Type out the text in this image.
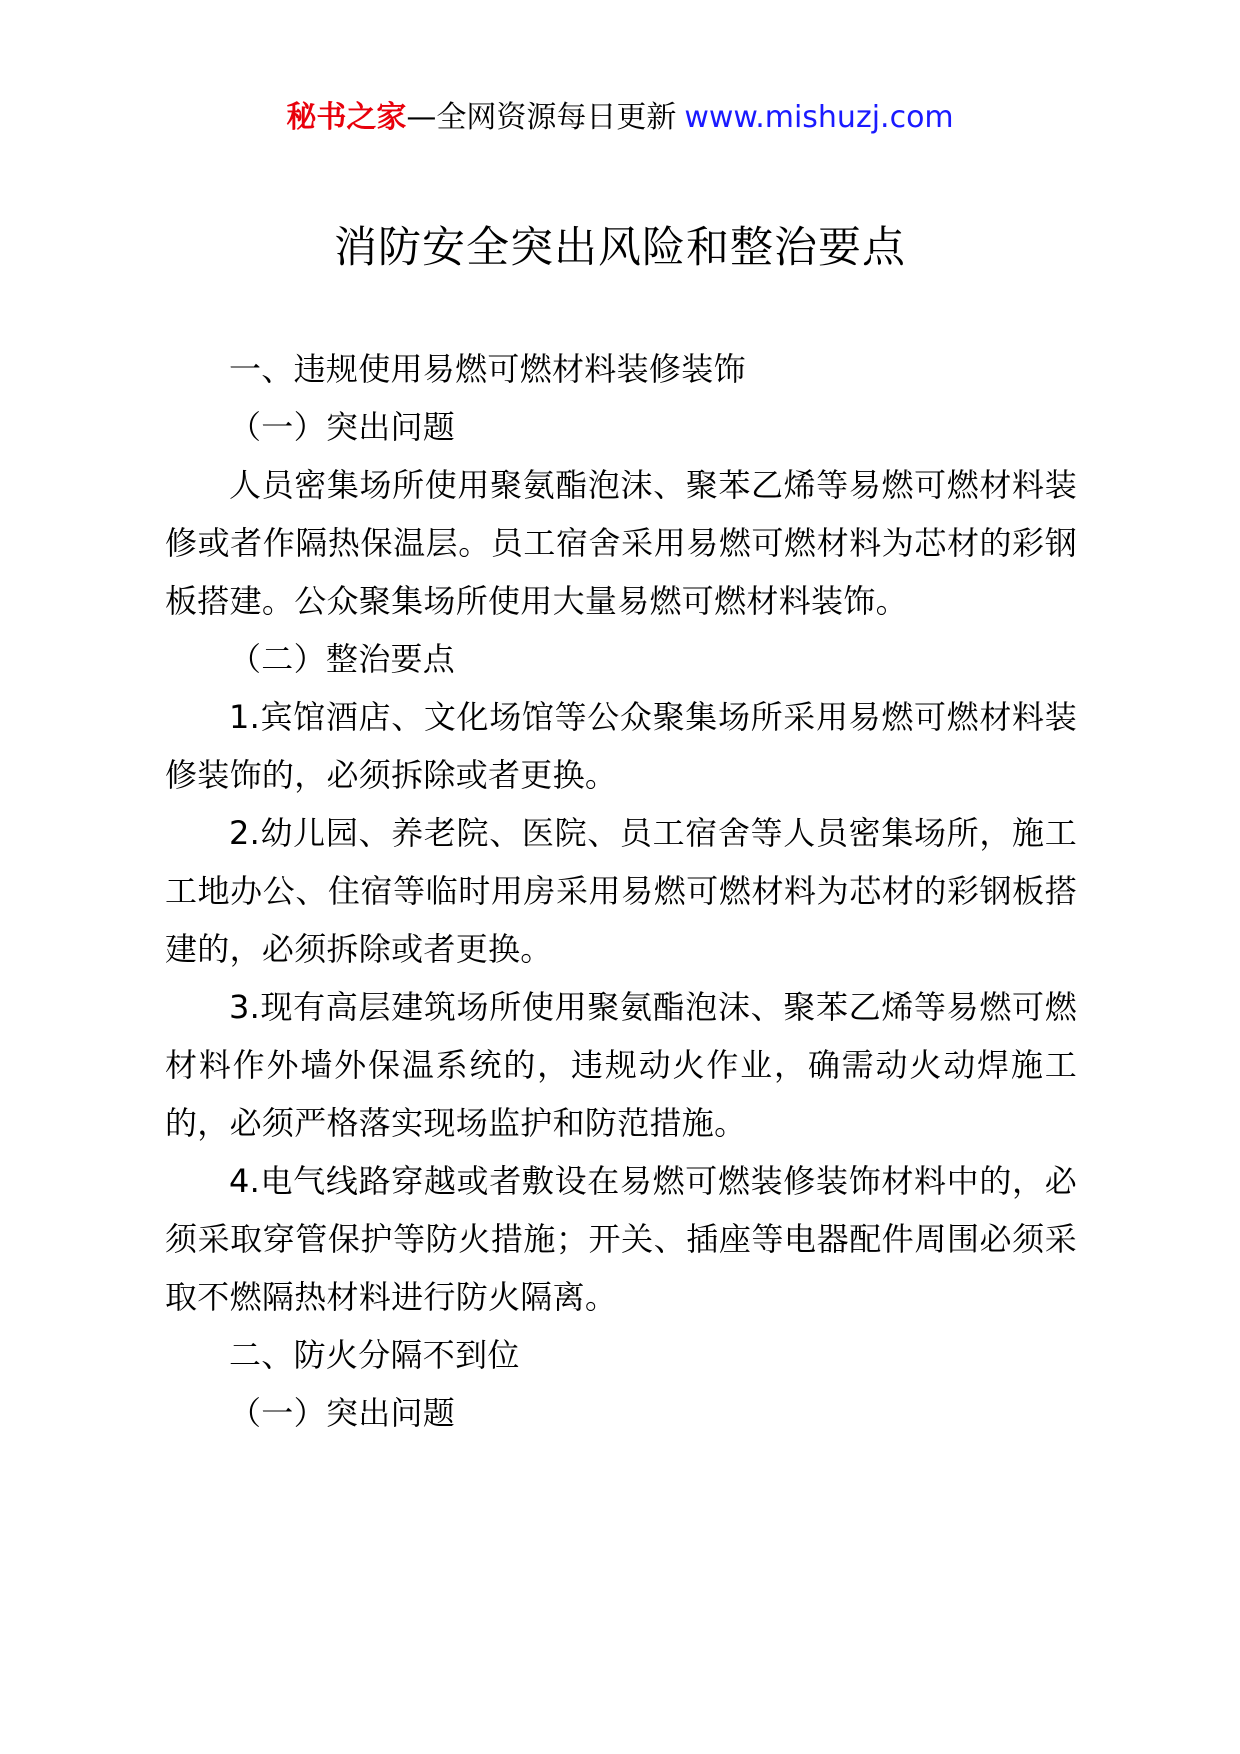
秘书之家—全网资源每日更新 www.mishuzj.com
消防安全突出风险和整治要点

一、违规使用易燃可燃材料装修装饰

（一）突出问题

人员密集场所使用聚氨酯泡沫、聚苯乙烯等易燃可燃材料装修或者作隔热保温层。员工宿舍采用易燃可燃材料为芯材的彩钢板搭建。公众聚集场所使用大量易燃可燃材料装饰。

（二）整治要点

1.宾馆酒店、文化场馆等公众聚集场所采用易燃可燃材料装修装饰的，必须拆除或者更换。

2.幼儿园、养老院、医院、员工宿舍等人员密集场所，施工工地办公、住宿等临时用房采用易燃可燃材料为芯材的彩钢板搭建的，必须拆除或者更换。

3.现有高层建筑场所使用聚氨酯泡沫、聚苯乙烯等易燃可燃材料作外墙外保温系统的，违规动火作业，确需动火动焊施工的，必须严格落实现场监护和防范措施。

4.电气线路穿越或者敷设在易燃可燃装修装饰材料中的，必须采取穿管保护等防火措施；开关、插座等电器配件周围必须采取不燃隔热材料进行防火隔离。

二、防火分隔不到位

（一）突出问题
